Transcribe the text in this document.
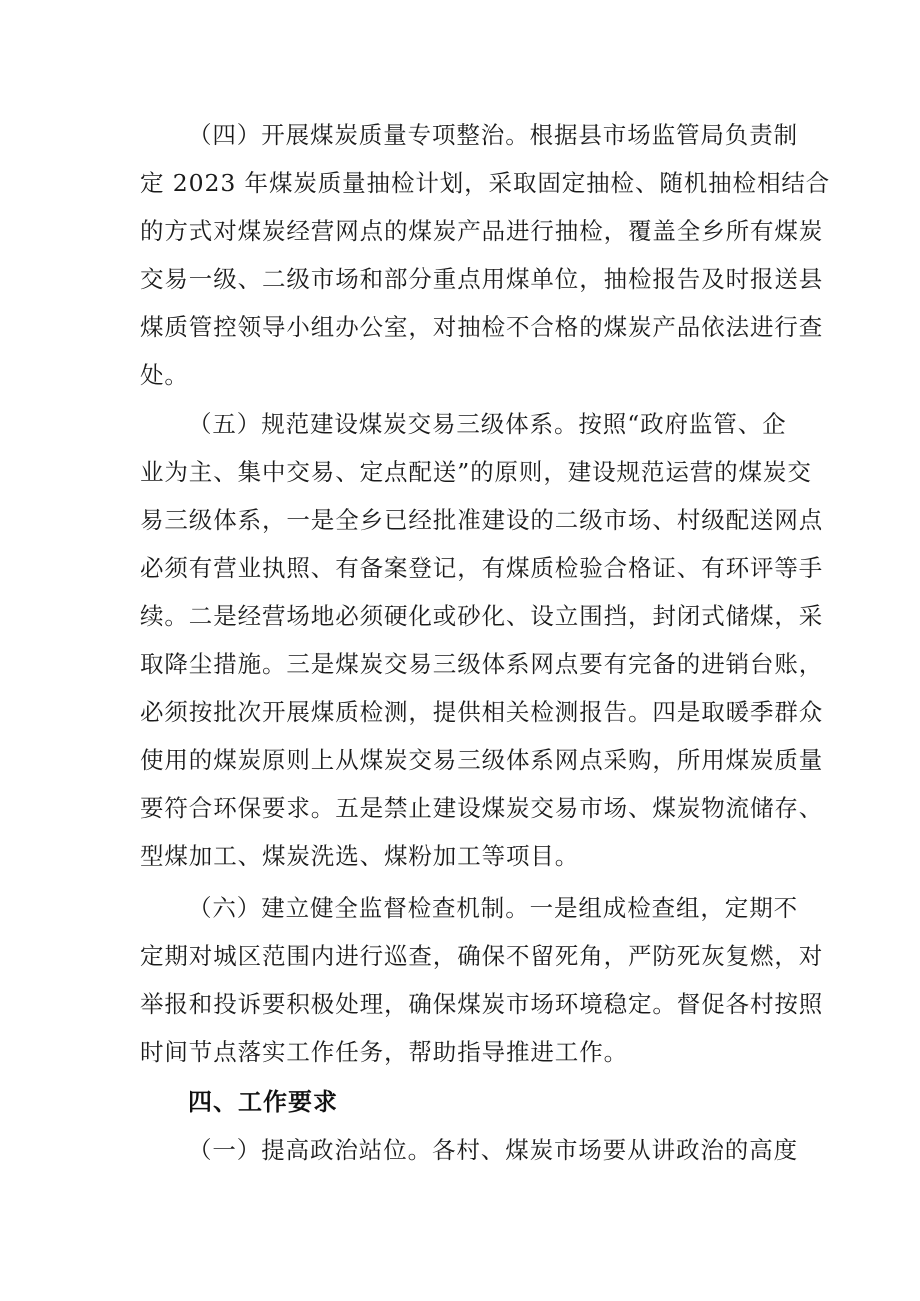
（四）开展煤炭质量专项整治。根据县市场监管局负责制
定 2023 年煤炭质量抽检计划，采取固定抽检、随机抽检相结合
的方式对煤炭经营网点的煤炭产品进行抽检，覆盖全乡所有煤炭
交易一级、二级市场和部分重点用煤单位，抽检报告及时报送县
煤质管控领导小组办公室，对抽检不合格的煤炭产品依法进行查
处。
（五）规范建设煤炭交易三级体系。按照“政府监管、企
业为主、集中交易、定点配送”的原则，建设规范运营的煤炭交
易三级体系，一是全乡已经批准建设的二级市场、村级配送网点
必须有营业执照、有备案登记，有煤质检验合格证、有环评等手
续。二是经营场地必须硬化或砂化、设立围挡，封闭式储煤，采
取降尘措施。三是煤炭交易三级体系网点要有完备的进销台账，
必须按批次开展煤质检测，提供相关检测报告。四是取暖季群众
使用的煤炭原则上从煤炭交易三级体系网点采购，所用煤炭质量
要符合环保要求。五是禁止建设煤炭交易市场、煤炭物流储存、
型煤加工、煤炭洗选、煤粉加工等项目。
（六）建立健全监督检查机制。一是组成检查组，定期不
定期对城区范围内进行巡查，确保不留死角，严防死灰复燃，对
举报和投诉要积极处理，确保煤炭市场环境稳定。督促各村按照
时间节点落实工作任务，帮助指导推进工作。
四、工作要求
（一）提高政治站位。各村、煤炭市场要从讲政治的高度
